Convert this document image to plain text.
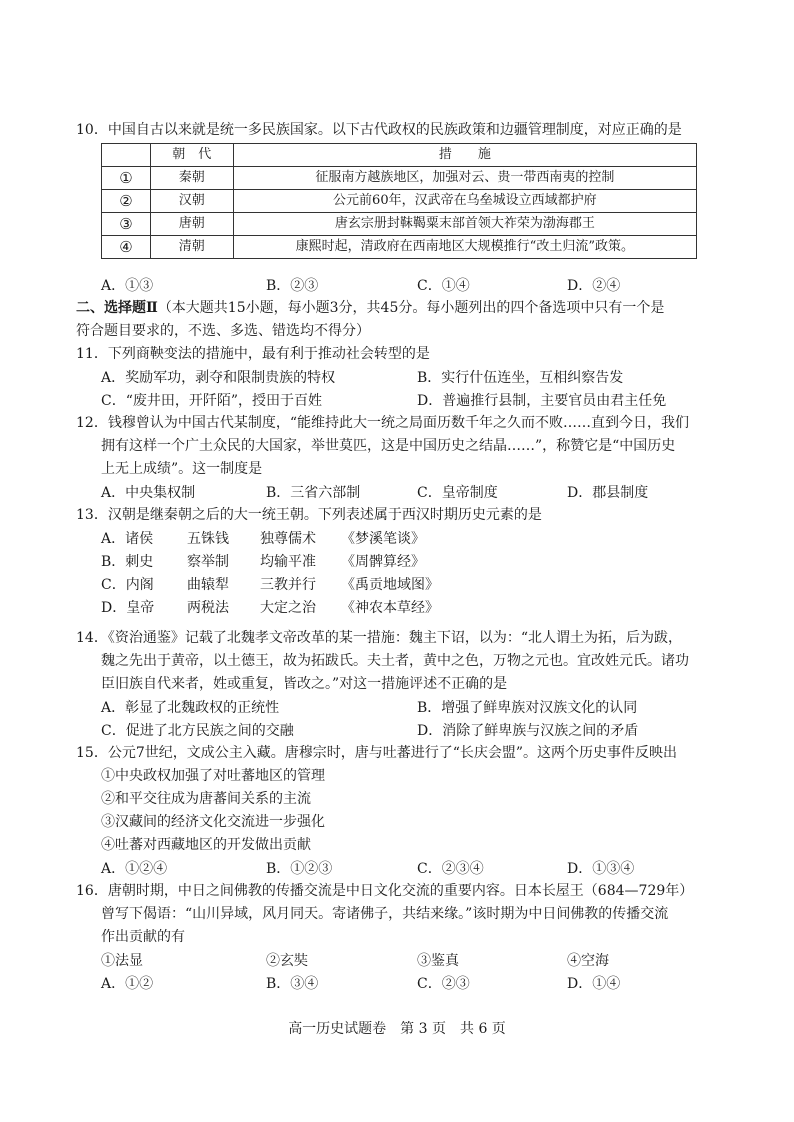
10．中国自古以来就是统一多民族国家。以下古代政权的民族政策和边疆管理制度，对应正确的是
	朝　代	措　　施
①	秦朝	征服南方越族地区，加强对云、贵一带西南夷的控制
②	汉朝	公元前60年，汉武帝在乌垒城设立西域都护府
③	唐朝	唐玄宗册封靺鞨粟末部首领大祚荣为渤海郡王
④	清朝	康熙时起，清政府在西南地区大规模推行“改土归流”政策。
A．①③	B．②③	C．①④	D．②④
二、选择题Ⅱ（本大题共15小题，每小题3分，共45分。每小题列出的四个备选项中只有一个是
符合题目要求的，不选、多选、错选均不得分）
11．下列商鞅变法的措施中，最有利于推动社会转型的是
A．奖励军功，剥夺和限制贵族的特权	B．实行什伍连坐，互相纠察告发
C．“废井田，开阡陌”，授田于百姓	D．普遍推行县制，主要官员由君主任免
12．钱穆曾认为中国古代某制度，“能维持此大一统之局面历数千年之久而不败……直到今日，我们
拥有这样一个广土众民的大国家，举世莫匹，这是中国历史之结晶……”，称赞它是“中国历史
上无上成绩”。这一制度是
A．中央集权制	B．三省六部制	C．皇帝制度	D．郡县制度
13．汉朝是继秦朝之后的大一统王朝。下列表述属于西汉时期历史元素的是
A．诸侯 五铢钱 独尊儒术 《梦溪笔谈》
B．刺史 察举制 均输平准 《周髀算经》
C．内阁 曲辕犁 三教并行 《禹贡地域图》
D．皇帝 两税法 大定之治 《神农本草经》
14．《资治通鉴》记载了北魏孝文帝改革的某一措施：魏主下诏，以为：“北人谓土为拓，后为跋，
魏之先出于黄帝，以土德王，故为拓跋氏。夫土者，黄中之色，万物之元也。宜改姓元氏。诸功
臣旧族自代来者，姓或重复，皆改之。”对这一措施评述不正确的是
A．彰显了北魏政权的正统性	B．增强了鲜卑族对汉族文化的认同
C．促进了北方民族之间的交融	D．消除了鲜卑族与汉族之间的矛盾
15．公元7世纪，文成公主入藏。唐穆宗时，唐与吐蕃进行了“长庆会盟”。这两个历史事件反映出
①中央政权加强了对吐蕃地区的管理
②和平交往成为唐蕃间关系的主流
③汉藏间的经济文化交流进一步强化
④吐蕃对西藏地区的开发做出贡献
A．①②④	B．①②③	C．②③④	D．①③④
16．唐朝时期，中日之间佛教的传播交流是中日文化交流的重要内容。日本长屋王（684—729年）
曾写下偈语：“山川异域，风月同天。寄诸佛子，共结来缘。”该时期为中日间佛教的传播交流
作出贡献的有
①法显	②玄奘	③鉴真	④空海
A．①②	B．③④	C．②③	D．①④
高一历史试题卷　第 3 页　共 6 页
